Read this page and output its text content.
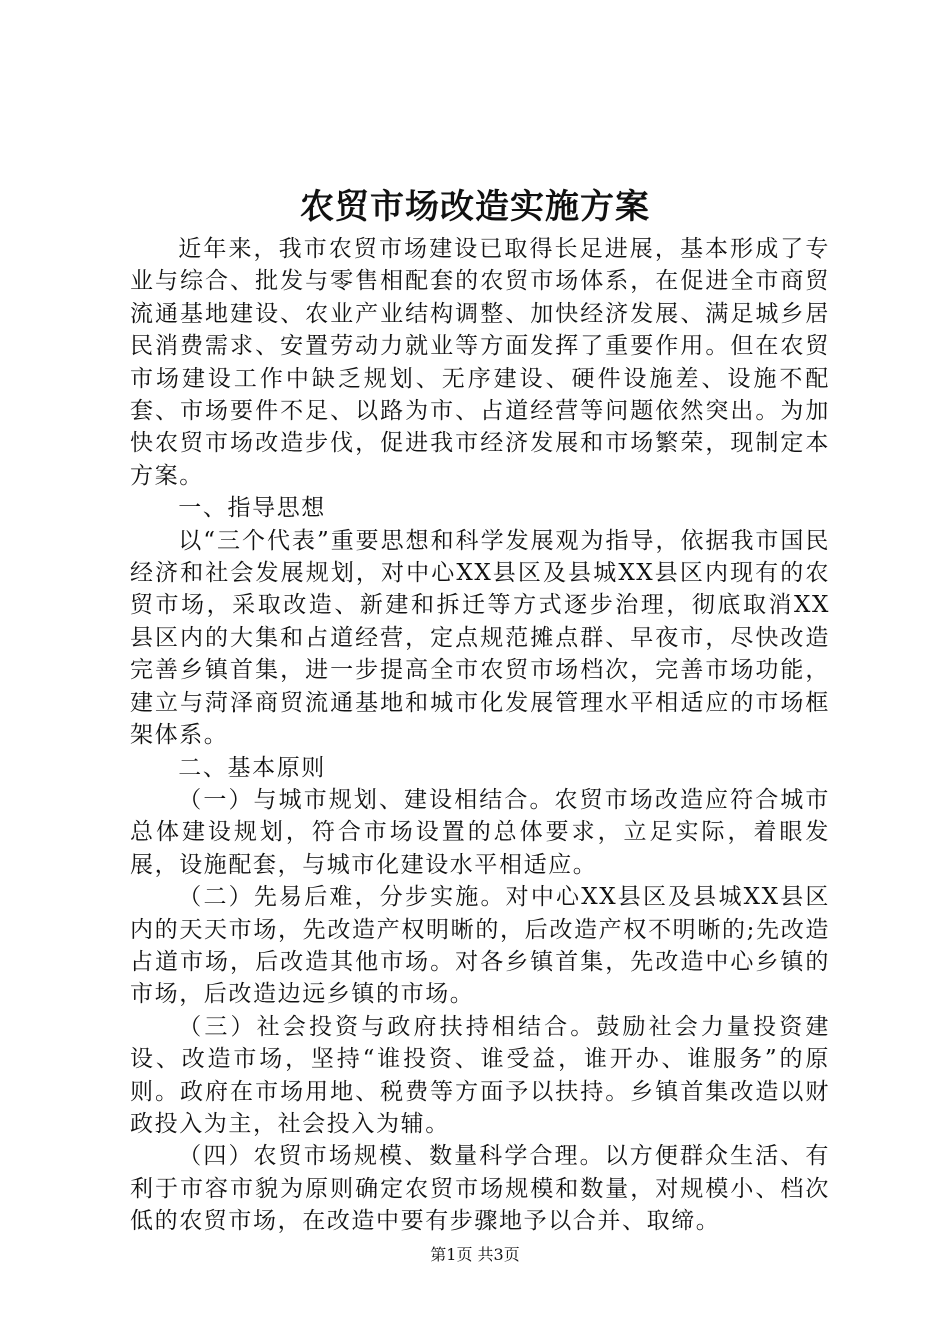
农贸市场改造实施方案

近年来，我市农贸市场建设已取得长足进展，基本形成了专业与综合、批发与零售相配套的农贸市场体系，在促进全市商贸流通基地建设、农业产业结构调整、加快经济发展、满足城乡居民消费需求、安置劳动力就业等方面发挥了重要作用。但在农贸市场建设工作中缺乏规划、无序建设、硬件设施差、设施不配套、市场要件不足、以路为市、占道经营等问题依然突出。为加快农贸市场改造步伐，促进我市经济发展和市场繁荣，现制定本方案。

一、指导思想

以“三个代表”重要思想和科学发展观为指导，依据我市国民经济和社会发展规划，对中心XX县区及县城XX县区内现有的农贸市场，采取改造、新建和拆迁等方式逐步治理，彻底取消XX县区内的大集和占道经营，定点规范摊点群、早夜市，尽快改造完善乡镇首集，进一步提高全市农贸市场档次，完善市场功能，建立与菏泽商贸流通基地和城市化发展管理水平相适应的市场框架体系。

二、基本原则

（一）与城市规划、建设相结合。农贸市场改造应符合城市总体建设规划，符合市场设置的总体要求，立足实际，着眼发展，设施配套，与城市化建设水平相适应。

（二）先易后难，分步实施。对中心XX县区及县城XX县区内的天天市场，先改造产权明晰的，后改造产权不明晰的;先改造占道市场，后改造其他市场。对各乡镇首集，先改造中心乡镇的市场，后改造边远乡镇的市场。

（三）社会投资与政府扶持相结合。鼓励社会力量投资建设、改造市场，坚持“谁投资、谁受益，谁开办、谁服务”的原则。政府在市场用地、税费等方面予以扶持。乡镇首集改造以财政投入为主，社会投入为辅。

（四）农贸市场规模、数量科学合理。以方便群众生活、有利于市容市貌为原则确定农贸市场规模和数量，对规模小、档次低的农贸市场，在改造中要有步骤地予以合并、取缔。

第1页 共3页
